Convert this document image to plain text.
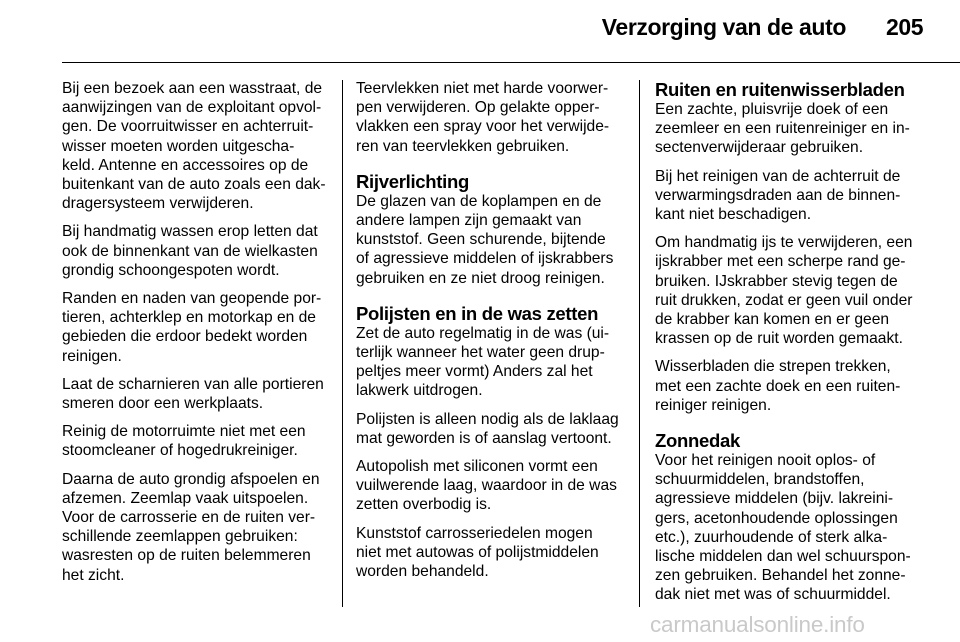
Verzorging van de auto 205

Bij een bezoek aan een wasstraat, de
aanwijzingen van de exploitant opvol-
gen. De voorruitwisser en achterruit-
wisser moeten worden uitgescha-
keld. Antenne en accessoires op de
buitenkant van de auto zoals een dak-
dragersysteem verwijderen.

Bij handmatig wassen erop letten dat
ook de binnenkant van de wielkasten
grondig schoongespoten wordt.

Randen en naden van geopende por-
tieren, achterklep en motorkap en de
gebieden die erdoor bedekt worden
reinigen.

Laat de scharnieren van alle portieren
smeren door een werkplaats.

Reinig de motorruimte niet met een
stoomcleaner of hogedrukreiniger.

Daarna de auto grondig afspoelen en
afzemen. Zeemlap vaak uitspoelen.
Voor de carrosserie en de ruiten ver-
schillende zeemlappen gebruiken:
wasresten op de ruiten belemmeren
het zicht.

Teervlekken niet met harde voorwer-
pen verwijderen. Op gelakte opper-
vlakken een spray voor het verwijde-
ren van teervlekken gebruiken.

Rijverlichting

De glazen van de koplampen en de
andere lampen zijn gemaakt van
kunststof. Geen schurende, bijtende
of agressieve middelen of ijskrabbers
gebruiken en ze niet droog reinigen.

Polijsten en in de was zetten

Zet de auto regelmatig in de was (ui-
terlijk wanneer het water geen drup-
peltjes meer vormt) Anders zal het
lakwerk uitdrogen.

Polijsten is alleen nodig als de laklaag
mat geworden is of aanslag vertoont.

Autopolish met siliconen vormt een
vuilwerende laag, waardoor in de was
zetten overbodig is.

Kunststof carrosseriedelen mogen
niet met autowas of polijstmiddelen
worden behandeld.

Ruiten en ruitenwisserbladen

Een zachte, pluisvrije doek of een
zeemleer en een ruitenreiniger en in-
sectenverwijderaar gebruiken.

Bij het reinigen van de achterruit de
verwarmingsdraden aan de binnen-
kant niet beschadigen.

Om handmatig ijs te verwijderen, een
ijskrabber met een scherpe rand ge-
bruiken. IJskrabber stevig tegen de
ruit drukken, zodat er geen vuil onder
de krabber kan komen en er geen
krassen op de ruit worden gemaakt.

Wisserbladen die strepen trekken,
met een zachte doek en een ruiten-
reiniger reinigen.

Zonnedak

Voor het reinigen nooit oplos- of
schuurmiddelen, brandstoffen,
agressieve middelen (bijv. lakreini-
gers, acetonhoudende oplossingen
etc.), zuurhoudende of sterk alka-
lische middelen dan wel schuurspon-
zen gebruiken. Behandel het zonne-
dak niet met was of schuurmiddel.

carmanualsonline.info
